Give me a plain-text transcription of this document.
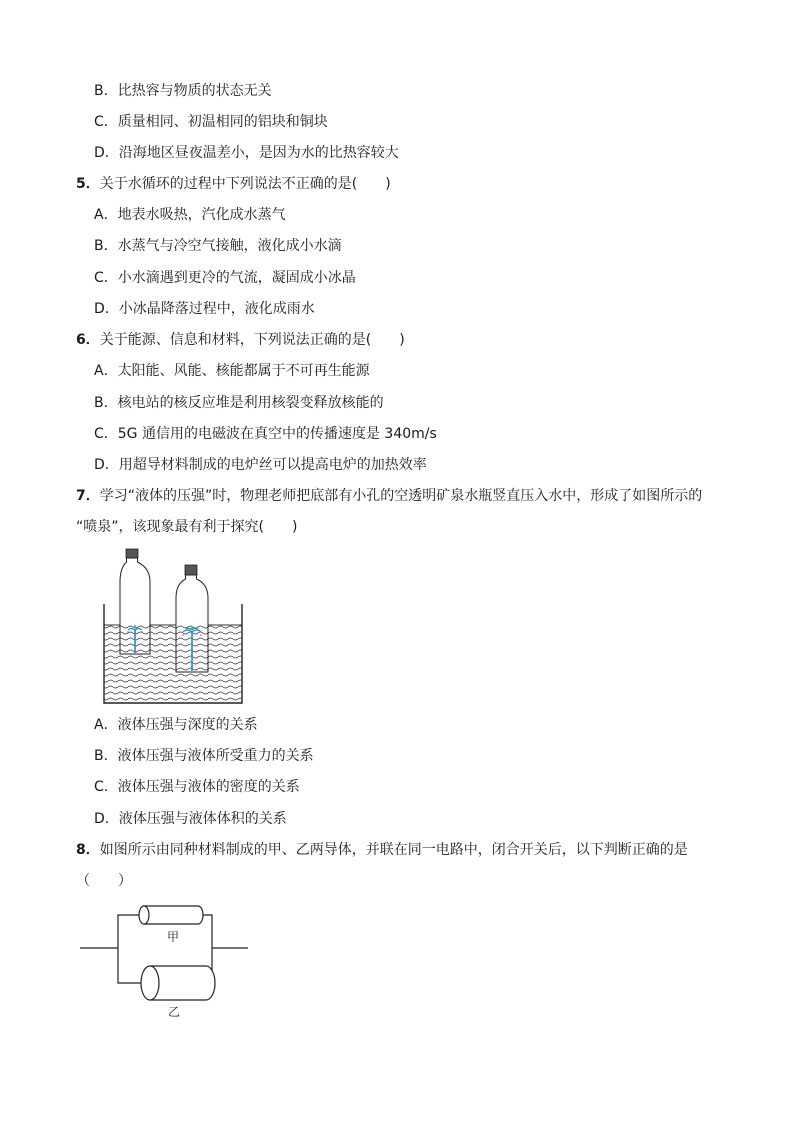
B．比热容与物质的状态无关
C．质量相同、初温相同的铝块和铜块
D．沿海地区昼夜温差小，是因为水的比热容较大
5．关于水循环的过程中下列说法不正确的是(　　)
A．地表水吸热，汽化成水蒸气
B．水蒸气与冷空气接触，液化成小水滴
C．小水滴遇到更冷的气流，凝固成小冰晶
D．小冰晶降落过程中，液化成雨水
6．关于能源、信息和材料，下列说法正确的是(　　)
A．太阳能、风能、核能都属于不可再生能源
B．核电站的核反应堆是利用核裂变释放核能的
C．5G 通信用的电磁波在真空中的传播速度是 340m/s
D．用超导材料制成的电炉丝可以提高电炉的加热效率
7．学习“液体的压强”时，物理老师把底部有小孔的空透明矿泉水瓶竖直压入水中，形成了如图所示的
“喷泉”，该现象最有利于探究(　　)
A．液体压强与深度的关系
B．液体压强与液体所受重力的关系
C．液体压强与液体的密度的关系
D．液体压强与液体体积的关系
8．如图所示由同种材料制成的甲、乙两导体，并联在同一电路中，闭合开关后，以下判断正确的是
（　　）
甲
乙
